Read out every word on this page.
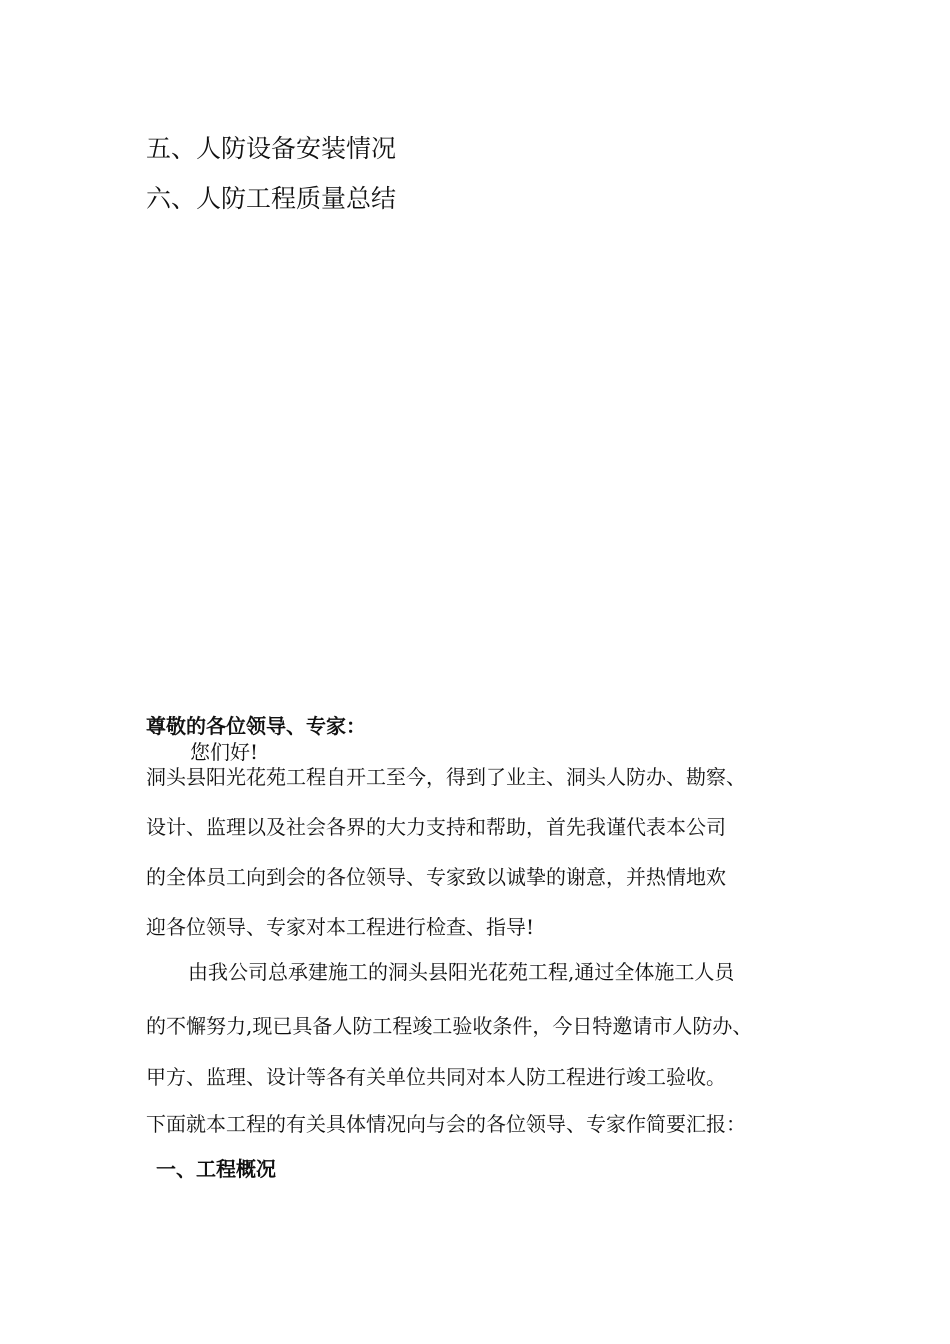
五、人防设备安装情况
六、人防工程质量总结
尊敬的各位领导、专家：
您们好!
洞头县阳光花苑工程自开工至今，得到了业主、洞头人防办、勘察、
设计、监理以及社会各界的大力支持和帮助，首先我谨代表本公司
的全体员工向到会的各位领导、专家致以诚挚的谢意，并热情地欢
迎各位领导、专家对本工程进行检查、指导!
由我公司总承建施工的洞头县阳光花苑工程,通过全体施工人员
的不懈努力,现已具备人防工程竣工验收条件，今日特邀请市人防办、
甲方、监理、设计等各有关单位共同对本人防工程进行竣工验收。
下面就本工程的有关具体情况向与会的各位领导、专家作简要汇报：
一、工程概况
